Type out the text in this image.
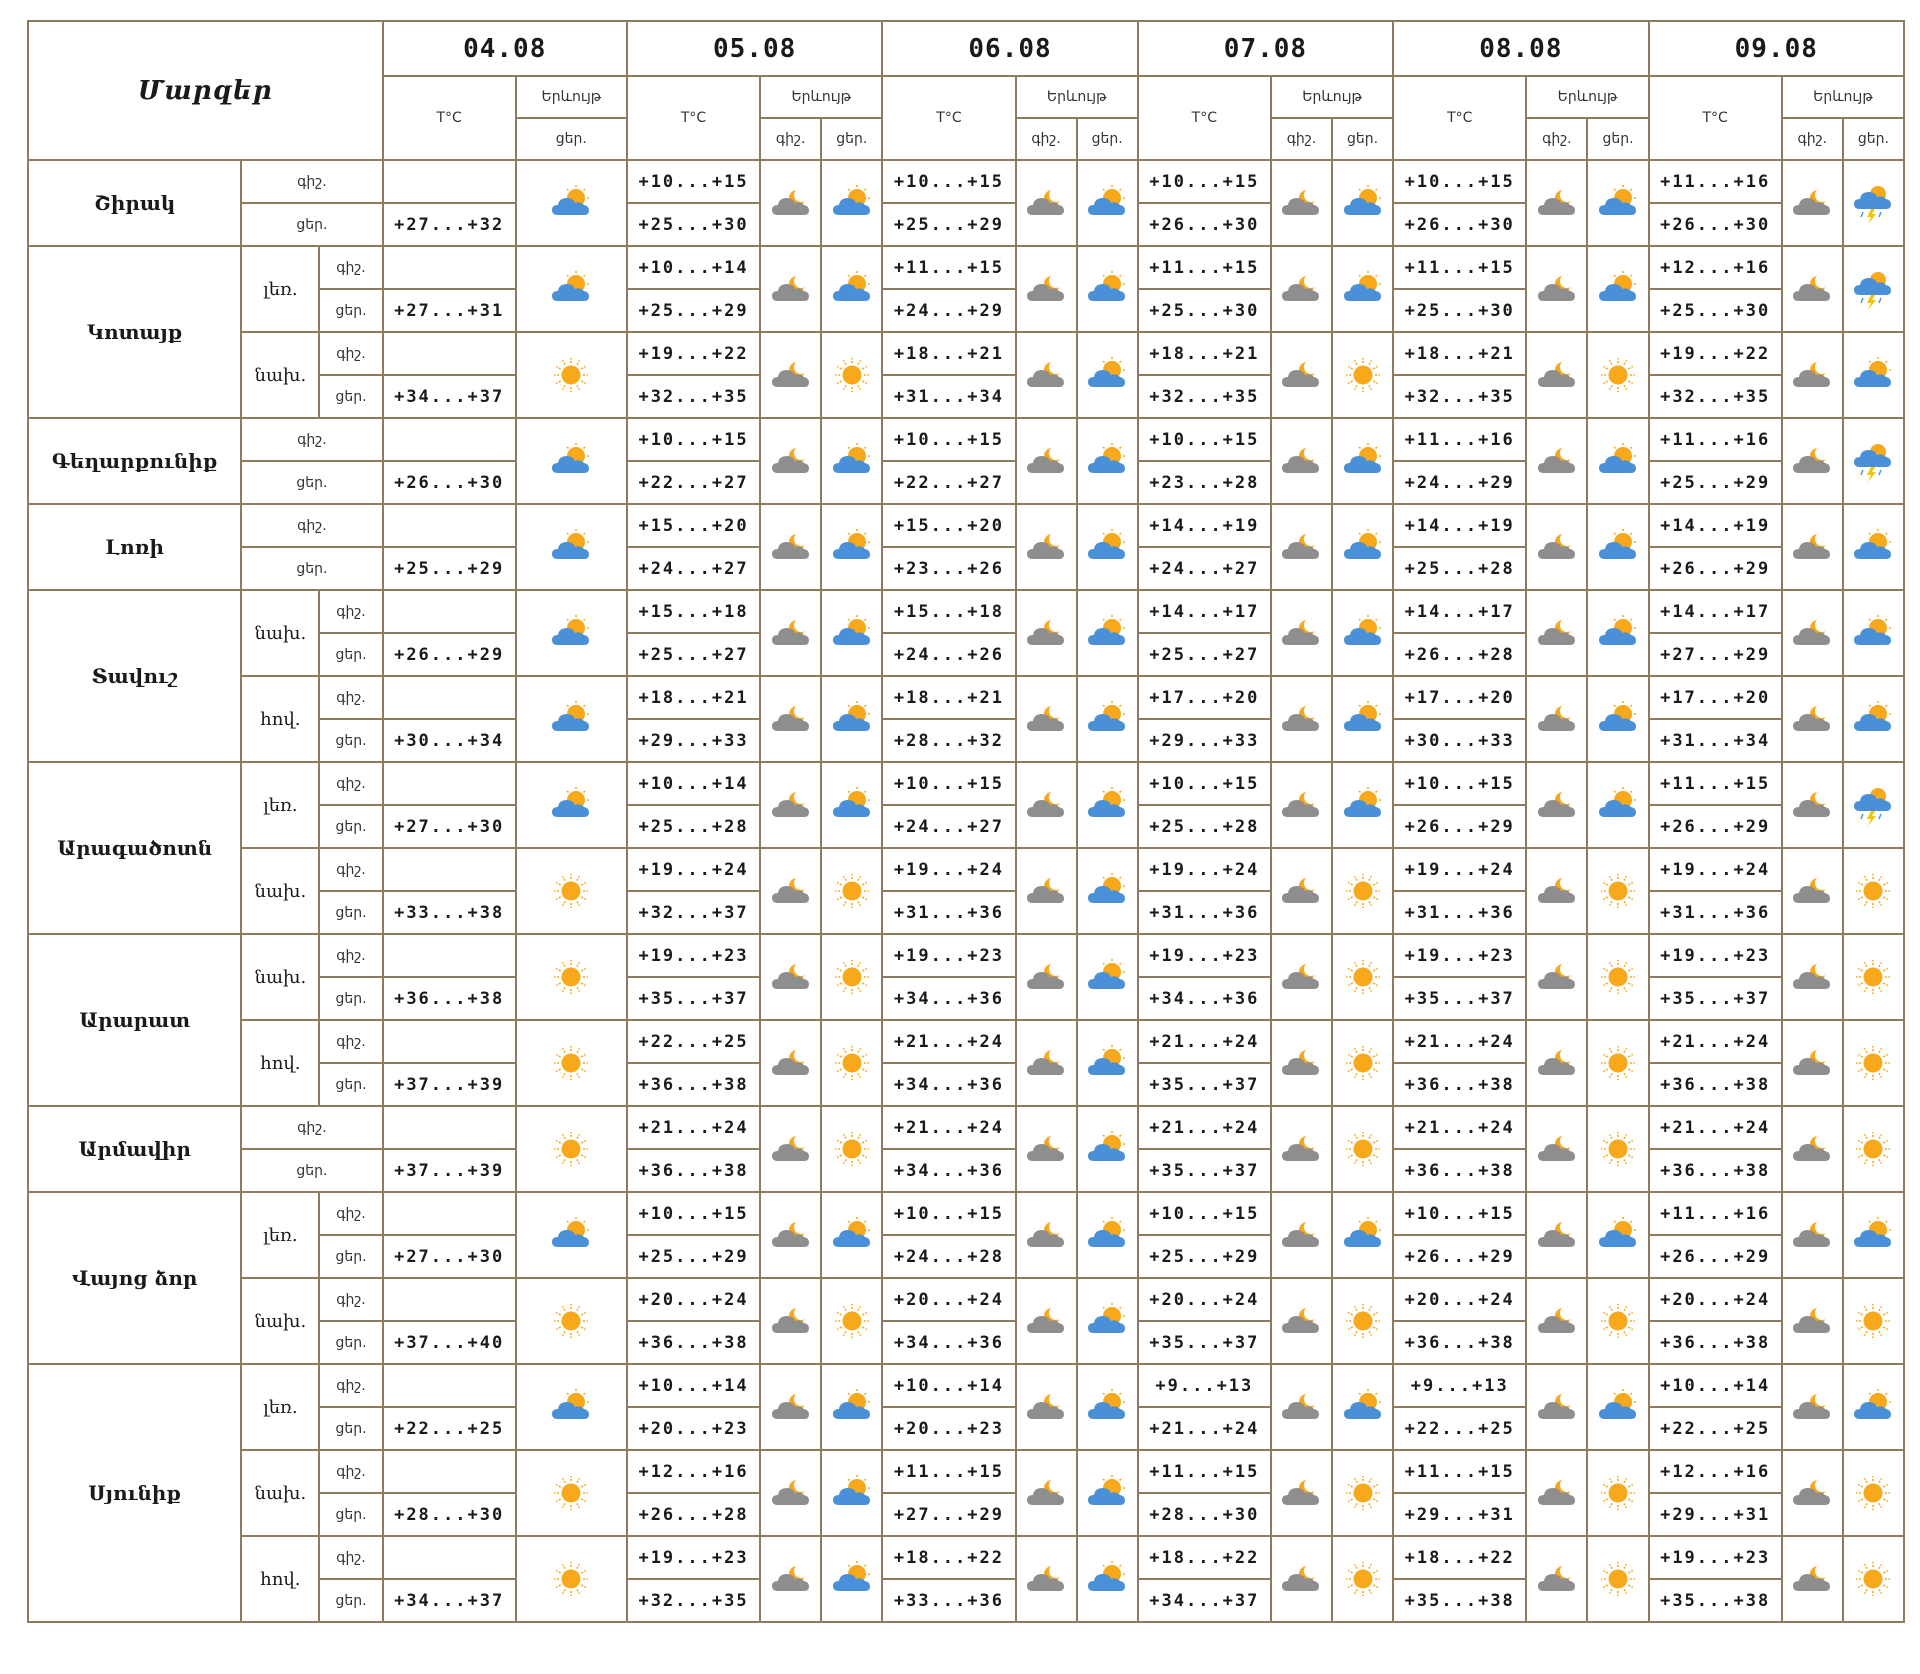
Մարզեր			04.08		05.08			06.08			07.08			08.08			09.08		
			T°C	Երևույթ	T°C	Երևույթ		T°C	Երևույթ		T°C	Երևույթ		T°C	Երևույթ		T°C	Երևույթ	
				ցեր.		գիշ.	ցեր.		գիշ.	ցեր.		գիշ.	ցեր.		գիշ.	ցեր.		գիշ.	ցեր.
Շիրակ	գիշ.				+10...+15			+10...+15			+10...+15			+10...+15			+11...+16	

	ցեր.		+27...+32		+25...+30			+25...+29			+26...+30			+26...+30			+26...+30		
Կոտայք	լեռ.	գիշ.			+10...+14			+11...+15			+11...+15			+11...+15			+12...+16	

		ցեր.	+27...+31		+25...+29			+24...+29			+25...+30			+25...+30			+25...+30		
	նախ.	գիշ.			+19...+22			+18...+21			+18...+21			+18...+21			+19...+22	

		ցեր.	+34...+37		+32...+35			+31...+34			+32...+35			+32...+35			+32...+35		
Գեղարքունիք	գիշ.				+10...+15			+10...+15			+10...+15			+11...+16			+11...+16	

	ցեր.		+26...+30		+22...+27			+22...+27			+23...+28			+24...+29			+25...+29		
Լոռի	գիշ.				+15...+20			+15...+20			+14...+19			+14...+19			+14...+19	

	ցեր.		+25...+29		+24...+27			+23...+26			+24...+27			+25...+28			+26...+29		
Տավուշ	նախ.	գիշ.			+15...+18			+15...+18			+14...+17			+14...+17			+14...+17	

		ցեր.	+26...+29		+25...+27			+24...+26			+25...+27			+26...+28			+27...+29		
	հով.	գիշ.			+18...+21			+18...+21			+17...+20			+17...+20			+17...+20	

		ցեր.	+30...+34		+29...+33			+28...+32			+29...+33			+30...+33			+31...+34		
Արագածոտն	լեռ.	գիշ.			+10...+14			+10...+15			+10...+15			+10...+15			+11...+15	

		ցեր.	+27...+30		+25...+28			+24...+27			+25...+28			+26...+29			+26...+29		
	նախ.	գիշ.			+19...+24			+19...+24			+19...+24			+19...+24			+19...+24	

		ցեր.	+33...+38		+32...+37			+31...+36			+31...+36			+31...+36			+31...+36		
Արարատ	նախ.	գիշ.			+19...+23			+19...+23			+19...+23			+19...+23			+19...+23	

		ցեր.	+36...+38		+35...+37			+34...+36			+34...+36			+35...+37			+35...+37		
	հով.	գիշ.			+22...+25			+21...+24			+21...+24			+21...+24			+21...+24	

		ցեր.	+37...+39		+36...+38			+34...+36			+35...+37			+36...+38			+36...+38		
Արմավիր	գիշ.				+21...+24			+21...+24			+21...+24			+21...+24			+21...+24	

	ցեր.		+37...+39		+36...+38			+34...+36			+35...+37			+36...+38			+36...+38		
Վայոց ձոր	լեռ.	գիշ.			+10...+15			+10...+15			+10...+15			+10...+15			+11...+16	

		ցեր.	+27...+30		+25...+29			+24...+28			+25...+29			+26...+29			+26...+29		
	նախ.	գիշ.			+20...+24			+20...+24			+20...+24			+20...+24			+20...+24	

		ցեր.	+37...+40		+36...+38			+34...+36			+35...+37			+36...+38			+36...+38		
Սյունիք	լեռ.	գիշ.			+10...+14			+10...+14			+9...+13			+9...+13			+10...+14	

		ցեր.	+22...+25		+20...+23			+20...+23			+21...+24			+22...+25			+22...+25		
	նախ.	գիշ.			+12...+16			+11...+15			+11...+15			+11...+15			+12...+16	

		ցեր.	+28...+30		+26...+28			+27...+29			+28...+30			+29...+31			+29...+31		
	հով.	գիշ.			+19...+23			+18...+22			+18...+22			+18...+22			+19...+23	

		ցեր.	+34...+37		+32...+35			+33...+36			+34...+37			+35...+38			+35...+38		
